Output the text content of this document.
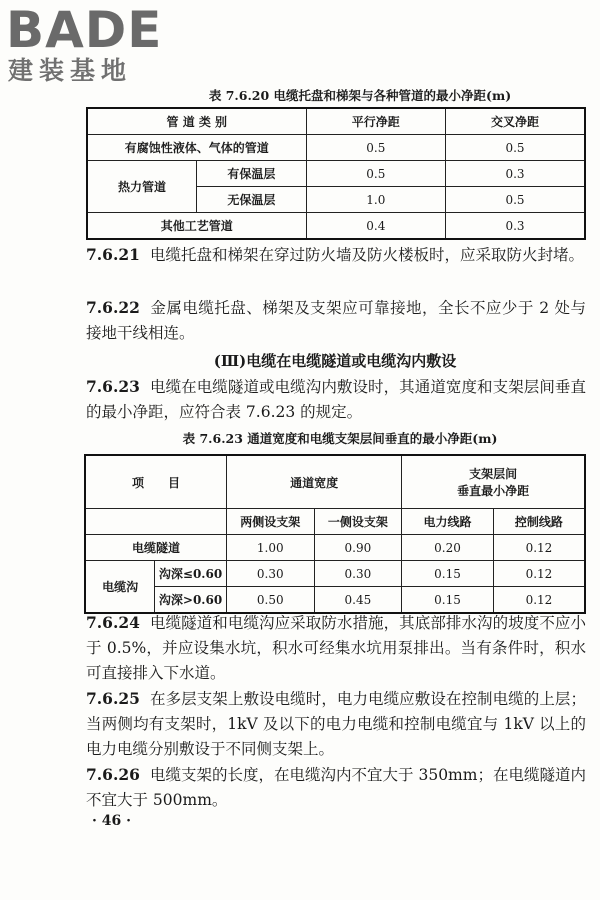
BADE
建装基地
表 7.6.20 电缆托盘和梯架与各种管道的最小净距(m)
管 道 类 别		平行净距	交叉净距
有腐蚀性液体、气体的管道		0.5	0.5
热力管道	有保温层	0.5	0.3
	无保温层	1.0	0.5
其他工艺管道		0.4	0.3
7.6.21 电缆托盘和梯架在穿过防火墙及防火楼板时，应采取防火封堵。
7.6.22 金属电缆托盘、梯架及支架应可靠接地，全长不应少于 2 处与接地干线相连。
(Ⅲ)电缆在电缆隧道或电缆沟内敷设
7.6.23 电缆在电缆隧道或电缆沟内敷设时，其通道宽度和支架层间垂直的最小净距，应符合表 7.6.23 的规定。
表 7.6.23 通道宽度和电缆支架层间垂直的最小净距(m)
项　　目		通道宽度		支架层间	
				垂直最小净距	
		两侧设支架	一侧设支架	电力线路	控制线路
电缆隧道		1.00	0.90	0.20	0.12
电缆沟	沟深≤0.60	0.30	0.30	0.15	0.12
	沟深>0.60	0.50	0.45	0.15	0.12
7.6.24 电缆隧道和电缆沟应采取防水措施，其底部排水沟的坡度不应小于 0.5%，并应设集水坑，积水可经集水坑用泵排出。当有条件时，积水可直接排入下水道。
7.6.25 在多层支架上敷设电缆时，电力电缆应敷设在控制电缆的上层；当两侧均有支架时，1kV 及以下的电力电缆和控制电缆宜与 1kV 以上的电力电缆分别敷设于不同侧支架上。
7.6.26 电缆支架的长度，在电缆沟内不宜大于 350mm；在电缆隧道内不宜大于 500mm。
· 46 ·
